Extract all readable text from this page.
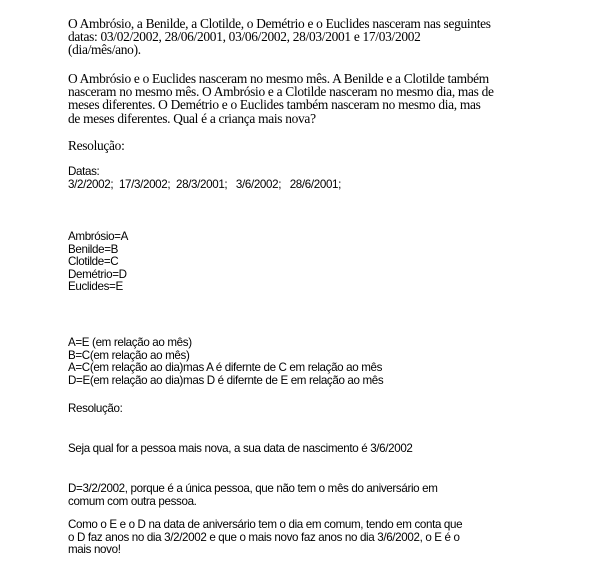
O Ambrósio, a Benilde, a Clotilde, o Demétrio e o Euclides nasceram nas seguintes

datas: 03/02/2002, 28/06/2001, 03/06/2002, 28/03/2001 e 17/03/2002

(dia/mês/ano).

O Ambrósio e o Euclides nasceram no mesmo mês. A Benilde e a Clotilde também

nasceram no mesmo mês. O Ambrósio e a Clotilde nasceram no mesmo dia, mas de

meses diferentes. O Demétrio e o Euclides também nasceram no mesmo dia, mas

de meses diferentes. Qual é a criança mais nova?

Resolução:

Datas:

3/2/2002;  17/3/2002;  28/3/2001;   3/6/2002;   28/6/2001;

Ambrósio=A

Benilde=B

Clotilde=C

Demétrio=D

Euclides=E

A=E (em relação ao mês)

B=C(em relação ao mês)

A=C(em relação ao dia)mas A é difernte de C em relação ao mês

D=E(em relação ao dia)mas D é difernte de E em relação ao mês

Resolução:

Seja qual for a pessoa mais nova, a sua data de nascimento é 3/6/2002

D=3/2/2002, porque é a única pessoa, que não tem o mês do aniversário em

comum com outra pessoa.

Como o E e o D na data de aniversário tem o dia em comum, tendo em conta que

o D faz anos no dia 3/2/2002 e que o mais novo faz anos no dia 3/6/2002, o E é o

mais novo!
